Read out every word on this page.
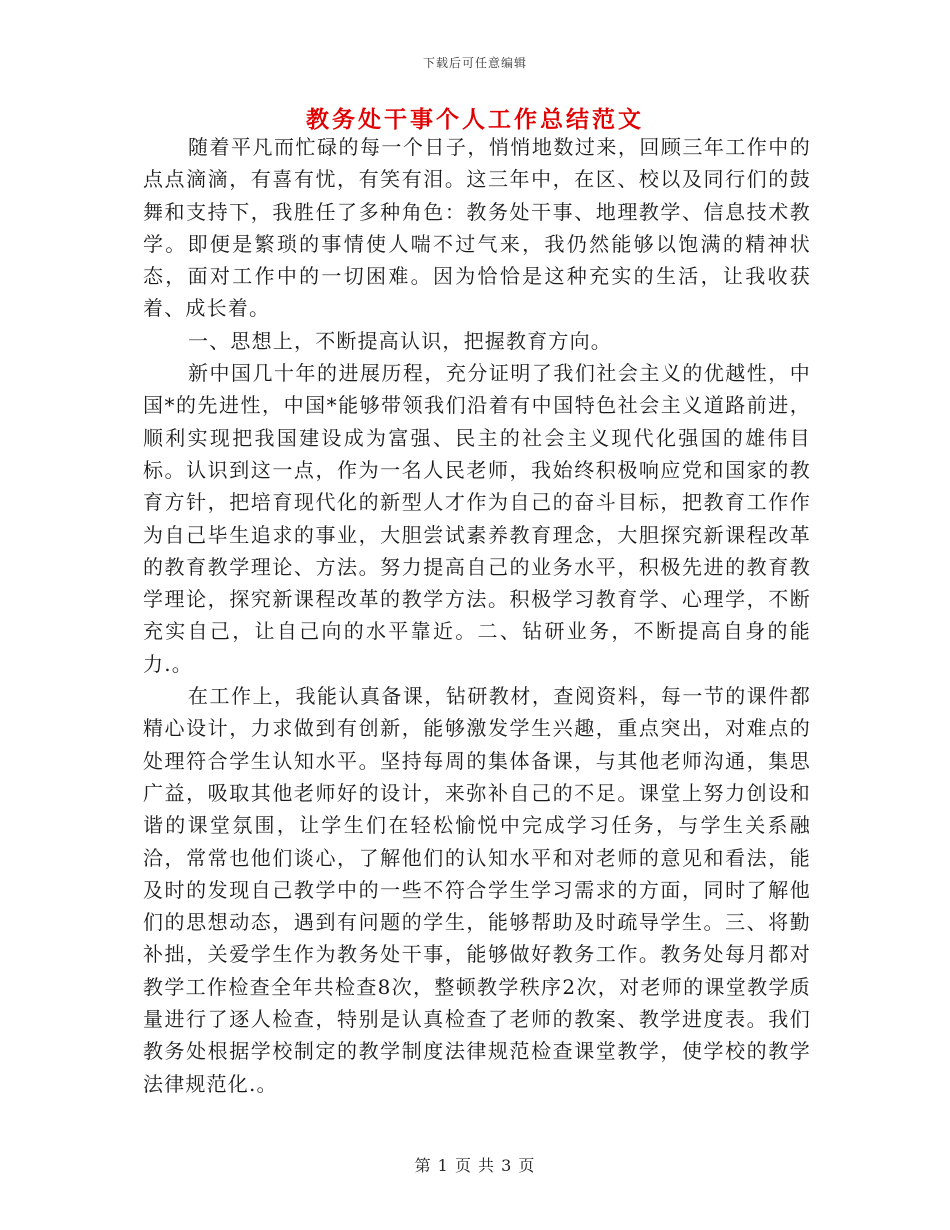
下载后可任意编辑
教务处干事个人工作总结范文

随着平凡而忙碌的每一个日子，悄悄地数过来，回顾三年工作中的点点滴滴，有喜有忧，有笑有泪。这三年中，在区、校以及同行们的鼓舞和支持下，我胜任了多种角色：教务处干事、地理教学、信息技术教学。即便是繁琐的事情使人喘不过气来，我仍然能够以饱满的精神状态，面对工作中的一切困难。因为恰恰是这种充实的生活，让我收获着、成长着。

一、思想上，不断提高认识，把握教育方向。

新中国几十年的进展历程，充分证明了我们社会主义的优越性，中国*的先进性，中国*能够带领我们沿着有中国特色社会主义道路前进，顺利实现把我国建设成为富强、民主的社会主义现代化强国的雄伟目标。认识到这一点，作为一名人民老师，我始终积极响应党和国家的教育方针，把培育现代化的新型人才作为自己的奋斗目标，把教育工作作为自己毕生追求的事业，大胆尝试素养教育理念，大胆探究新课程改革的教育教学理论、方法。努力提高自己的业务水平，积极先进的教育教学理论，探究新课程改革的教学方法。积极学习教育学、心理学，不断充实自己，让自己向的水平靠近。二、钻研业务，不断提高自身的能力.。

在工作上，我能认真备课，钻研教材，查阅资料，每一节的课件都精心设计，力求做到有创新，能够激发学生兴趣，重点突出，对难点的处理符合学生认知水平。坚持每周的集体备课，与其他老师沟通，集思广益，吸取其他老师好的设计，来弥补自己的不足。课堂上努力创设和谐的课堂氛围，让学生们在轻松愉悦中完成学习任务，与学生关系融洽，常常也他们谈心，了解他们的认知水平和对老师的意见和看法，能及时的发现自己教学中的一些不符合学生学习需求的方面，同时了解他们的思想动态，遇到有问题的学生，能够帮助及时疏导学生。三、将勤补拙，关爱学生作为教务处干事，能够做好教务工作。教务处每月都对教学工作检查全年共检查8次，整顿教学秩序2次，对老师的课堂教学质量进行了逐人检查，特别是认真检查了老师的教案、教学进度表。我们教务处根据学校制定的教学制度法律规范检查课堂教学，使学校的教学法律规范化.。

第 1 页 共 3 页
